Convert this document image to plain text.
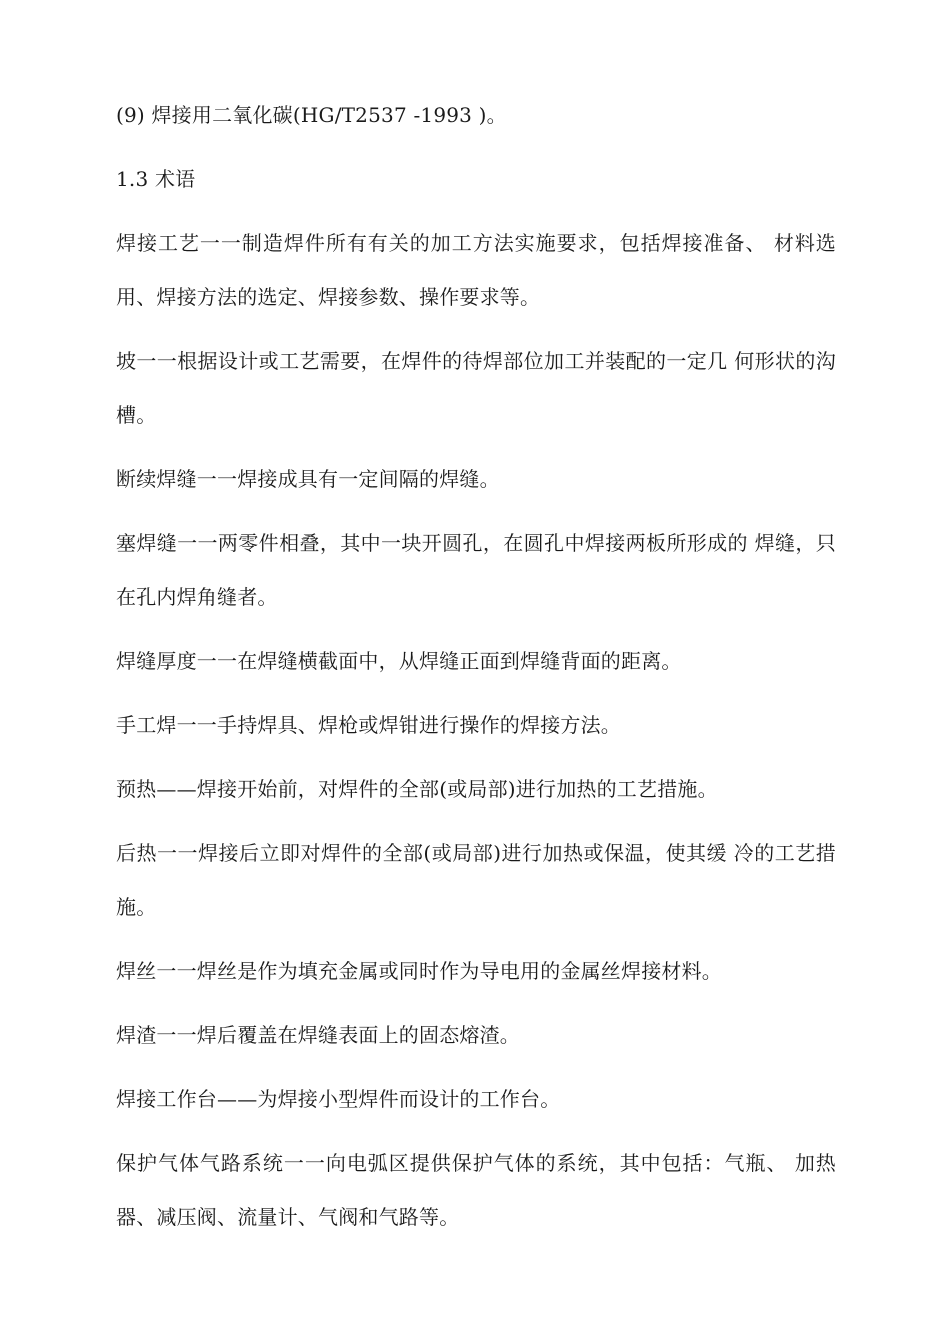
(9) 焊接用二氧化碳(HG/T2537 -1993 )。

1.3 术语

焊接工艺一一制造焊件所有有关的加工方法实施要求，包括焊接准备、 材料选用、焊接方法的选定、焊接参数、操作要求等。

坡一一根据设计或工艺需要，在焊件的待焊部位加工并装配的一定几 何形状的沟槽。

断续焊缝一一焊接成具有一定间隔的焊缝。

塞焊缝一一两零件相叠，其中一块开圆孔，在圆孔中焊接两板所形成的 焊缝，只在孔内焊角缝者。

焊缝厚度一一在焊缝横截面中，从焊缝正面到焊缝背面的距离。

手工焊一一手持焊具、焊枪或焊钳进行操作的焊接方法。

预热——焊接开始前，对焊件的全部(或局部)进行加热的工艺措施。

后热一一焊接后立即对焊件的全部(或局部)进行加热或保温，使其缓 冷的工艺措施。

焊丝一一焊丝是作为填充金属或同时作为导电用的金属丝焊接材料。

焊渣一一焊后覆盖在焊缝表面上的固态熔渣。

焊接工作台——为焊接小型焊件而设计的工作台。

保护气体气路系统一一向电弧区提供保护气体的系统，其中包括：气瓶、 加热器、减压阀、流量计、气阀和气路等。
